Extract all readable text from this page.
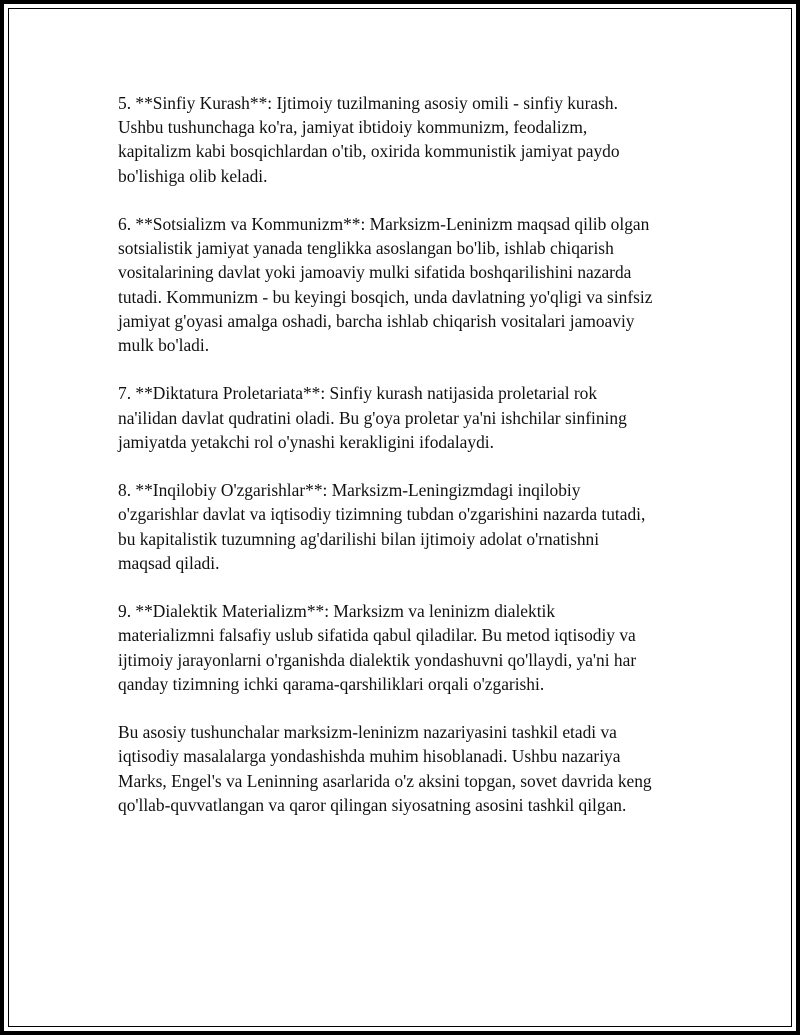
5. **Sinfiy Kurash**: Ijtimoiy tuzilmaning asosiy omili - sinfiy kurash.
Ushbu tushunchaga ko'ra, jamiyat ibtidoiy kommunizm, feodalizm,
kapitalizm kabi bosqichlardan o'tib, oxirida kommunistik jamiyat paydo
bo'lishiga olib keladi.

6. **Sotsializm va Kommunizm**: Marksizm-Leninizm maqsad qilib olgan
sotsialistik jamiyat yanada tenglikka asoslangan bo'lib, ishlab chiqarish
vositalarining davlat yoki jamoaviy mulki sifatida boshqarilishini nazarda
tutadi. Kommunizm - bu keyingi bosqich, unda davlatning yo'qligi va sinfsiz
jamiyat g'oyasi amalga oshadi, barcha ishlab chiqarish vositalari jamoaviy
mulk bo'ladi.

7. **Diktatura Proletariata**: Sinfiy kurash natijasida proletarial rok
na'ilidan davlat qudratini oladi. Bu g'oya proletar ya'ni ishchilar sinfining
jamiyatda yetakchi rol o'ynashi kerakligini ifodalaydi.

8. **Inqilobiy O'zgarishlar**: Marksizm-Leningizmdagi inqilobiy
o'zgarishlar davlat va iqtisodiy tizimning tubdan o'zgarishini nazarda tutadi,
bu kapitalistik tuzumning ag'darilishi bilan ijtimoiy adolat o'rnatishni
maqsad qiladi.

9. **Dialektik Materializm**: Marksizm va leninizm dialektik
materializmni falsafiy uslub sifatida qabul qiladilar. Bu metod iqtisodiy va
ijtimoiy jarayonlarni o'rganishda dialektik yondashuvni qo'llaydi, ya'ni har
qanday tizimning ichki qarama-qarshiliklari orqali o'zgarishi.

Bu asosiy tushunchalar marksizm-leninizm nazariyasini tashkil etadi va
iqtisodiy masalalarga yondashishda muhim hisoblanadi. Ushbu nazariya
Marks, Engel's va Leninning asarlarida o'z aksini topgan, sovet davrida keng
qo'llab-quvvatlangan va qaror qilingan siyosatning asosini tashkil qilgan.
